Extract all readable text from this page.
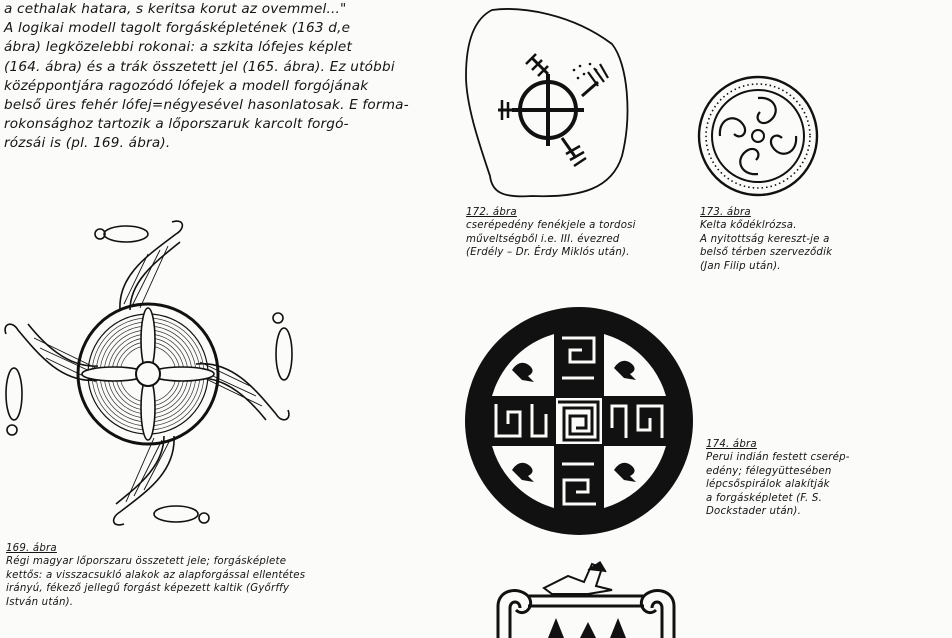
a cethalak hatara, s keritsa korut az ovemmel..."
A logikai modell tagolt forgásképletének (163 d,e
ábra) legközelebbi rokonai: a szkita lófejes képlet
(164. ábra) és a trák összetett jel (165. ábra). Ez utóbbi
középpontjára ragozódó lófejek a modell forgójának
belső üres fehér lófej=négyesével hasonlatosak. E forma-
rokonsághoz tartozik a lőporszaruk karcolt forgó-
rózsái is (pl. 169. ábra).
172. ábra
cserépedény fenékjele a tordosi
műveltségből i.e. III. évezred
(Erdély – Dr. Érdy Miklós után).
173. ábra
Kelta kődéklrózsa.
A nyitottság kereszt-je a
belső térben szerveződik
(Jan Filip után).
174. ábra
Perui indián festett cserép-
edény; félegyüttesében
lépcsőspirálok alakítják
a forgásképletet (F. S.
Dockstader után).
169. ábra
Régi magyar lőporszaru összetett jele; forgásképlete
kettős: a visszacsukló alakok az alapforgással ellentétes
irányú, fékező jellegű forgást képezett kaltik (Győrffy
István után).
